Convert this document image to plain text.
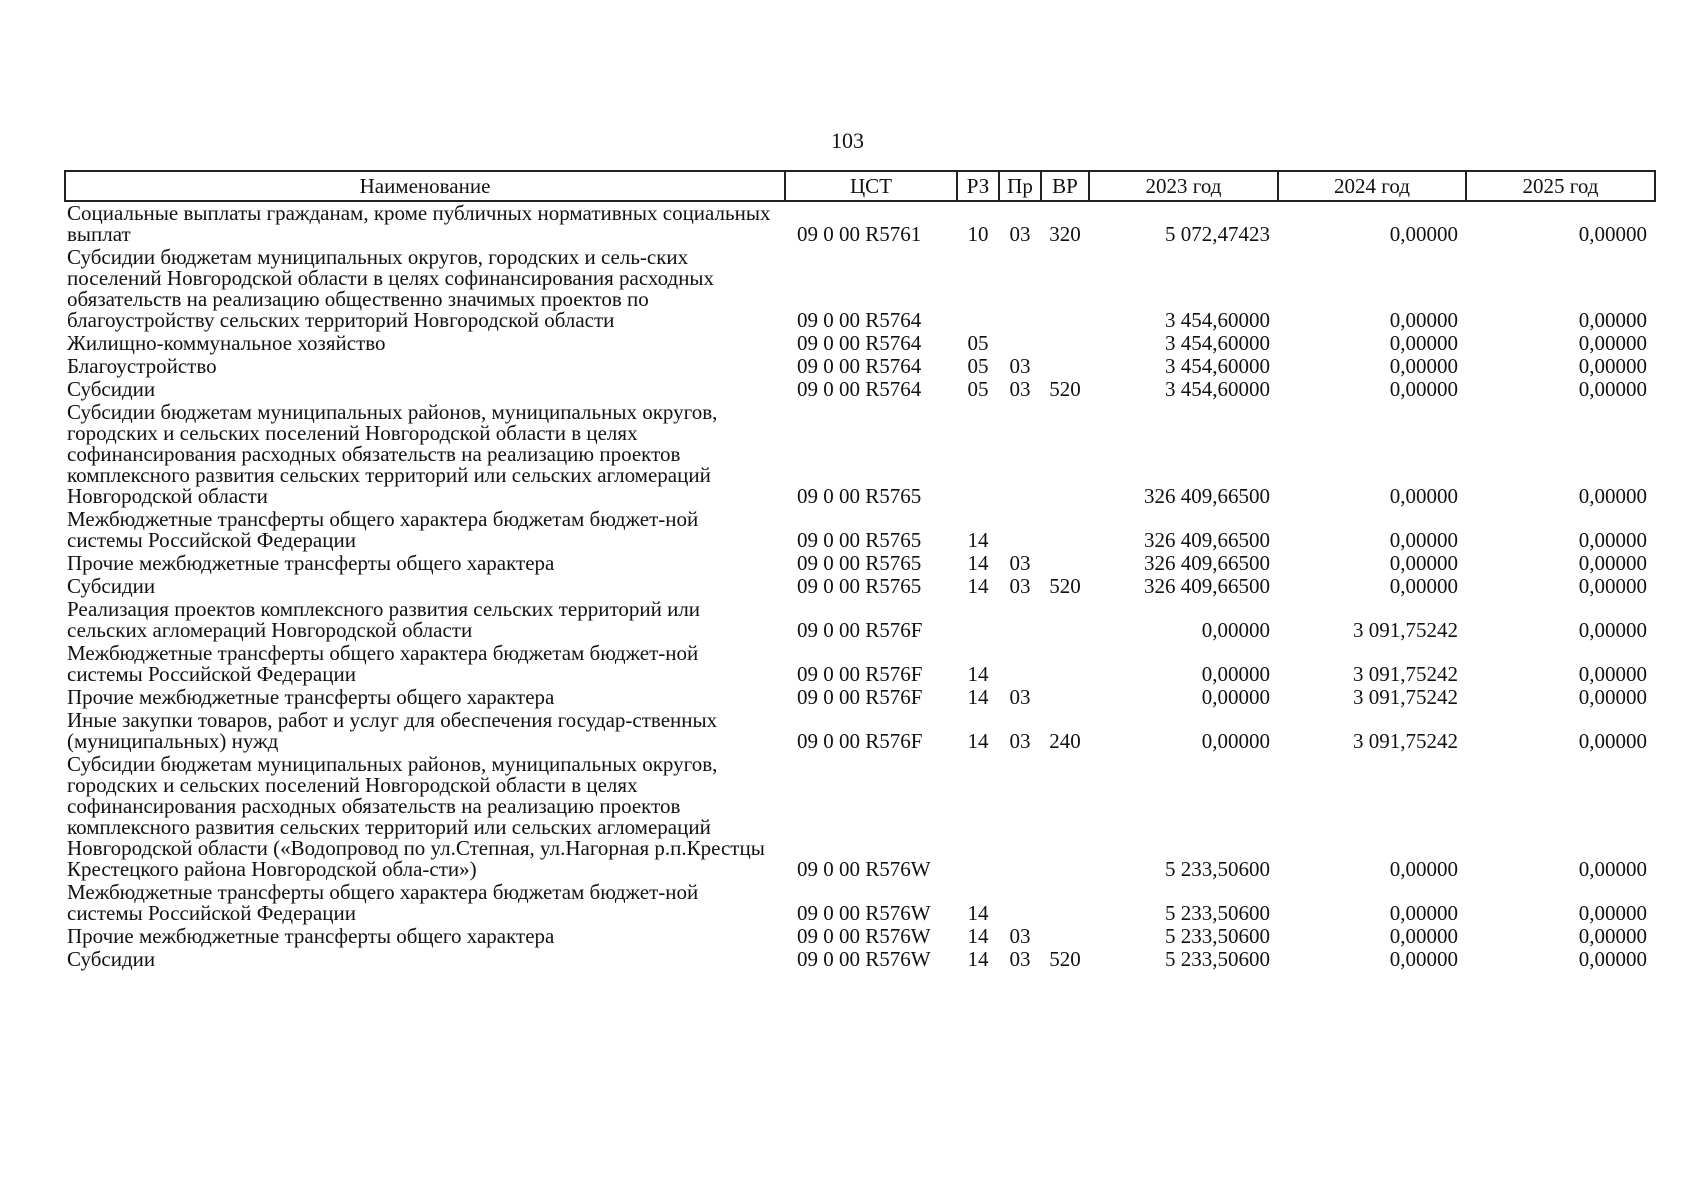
103
Наименование	ЦСТ	РЗ	Пр	ВР	2023 год	2024 год	2025 год
Социальные выплаты гражданам, кроме публичных нормативных социальных выплат	09 0 00 R5761	10	03	320	5 072,47423	0,00000	0,00000
Субсидии бюджетам муниципальных округов, городских и сель-ских поселений Новгородской области в целях софинансирования расходных обязательств на реализацию общественно значимых проектов по благоустройству сельских территорий Новгородской области	09 0 00 R5764				3 454,60000	0,00000	0,00000
Жилищно-коммунальное хозяйство	09 0 00 R5764	05			3 454,60000	0,00000	0,00000
Благоустройство	09 0 00 R5764	05	03		3 454,60000	0,00000	0,00000
Субсидии	09 0 00 R5764	05	03	520	3 454,60000	0,00000	0,00000
Субсидии бюджетам муниципальных районов, муниципальных округов, городских и сельских поселений Новгородской области в целях софинансирования расходных обязательств на реализацию проектов комплексного развития сельских территорий или сельских агломераций Новгородской области	09 0 00 R5765				326 409,66500	0,00000	0,00000
Межбюджетные трансферты общего характера бюджетам бюджет-ной системы Российской Федерации	09 0 00 R5765	14			326 409,66500	0,00000	0,00000
Прочие межбюджетные трансферты общего характера	09 0 00 R5765	14	03		326 409,66500	0,00000	0,00000
Субсидии	09 0 00 R5765	14	03	520	326 409,66500	0,00000	0,00000
Реализация проектов комплексного развития сельских территорий или сельских агломераций Новгородской области	09 0 00 R576F				0,00000	3 091,75242	0,00000
Межбюджетные трансферты общего характера бюджетам бюджет-ной системы Российской Федерации	09 0 00 R576F	14			0,00000	3 091,75242	0,00000
Прочие межбюджетные трансферты общего характера	09 0 00 R576F	14	03		0,00000	3 091,75242	0,00000
Иные закупки товаров, работ и услуг для обеспечения государ-ственных (муниципальных) нужд	09 0 00 R576F	14	03	240	0,00000	3 091,75242	0,00000
Субсидии бюджетам муниципальных районов, муниципальных округов, городских и сельских поселений Новгородской области в целях софинансирования расходных обязательств на реализацию проектов комплексного развития сельских территорий или сельских агломераций Новгородской области («Водопровод по ул.Степная, ул.Нагорная р.п.Крестцы Крестецкого района Новгородской обла-сти»)	09 0 00 R576W				5 233,50600	0,00000	0,00000
Межбюджетные трансферты общего характера бюджетам бюджет-ной системы Российской Федерации	09 0 00 R576W	14			5 233,50600	0,00000	0,00000
Прочие межбюджетные трансферты общего характера	09 0 00 R576W	14	03		5 233,50600	0,00000	0,00000
Субсидии	09 0 00 R576W	14	03	520	5 233,50600	0,00000	0,00000
